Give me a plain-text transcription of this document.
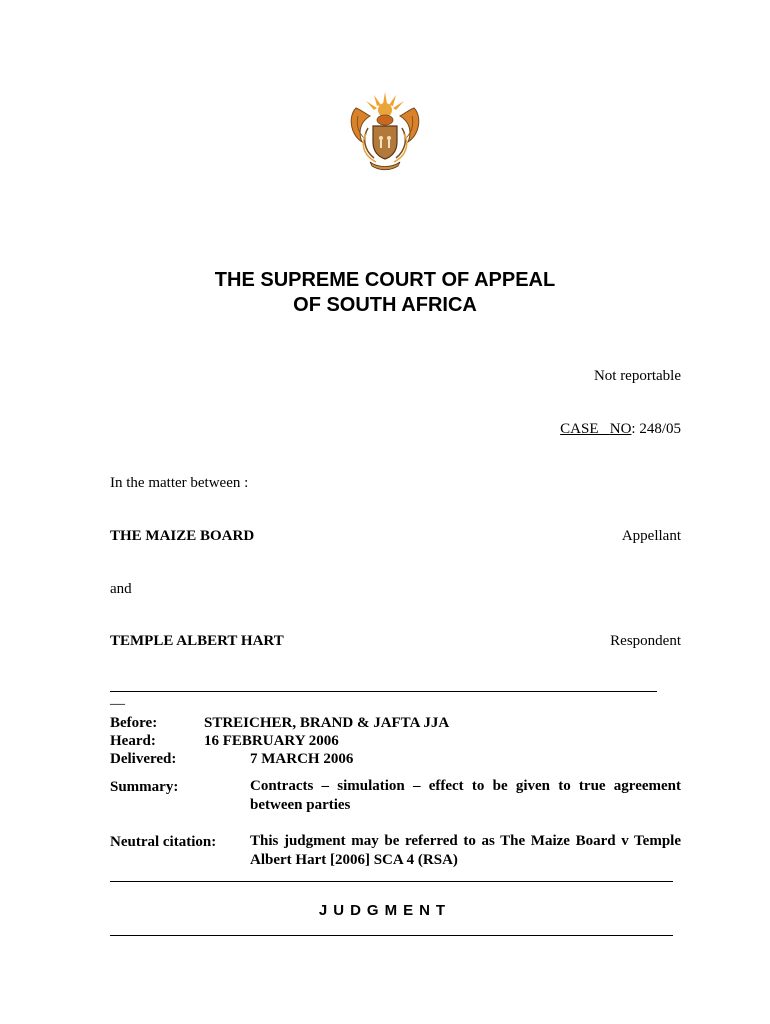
THE SUPREME COURT OF APPEAL
OF SOUTH AFRICA
Not reportable
CASE NO: 248/05
In the matter between :
THE MAIZE BOARD	Appellant
and
TEMPLE ALBERT HART	Respondent
__
Before:	STREICHER, BRAND & JAFTA JJA
Heard:	16 FEBRUARY 2006
Delivered:	7 MARCH 2006
Summary:	Contracts – simulation – effect to be given to true agreement between parties
Neutral citation: This judgment may be referred to as The Maize Board v Temple Albert Hart [2006] SCA 4 (RSA)
JUDGMENT
